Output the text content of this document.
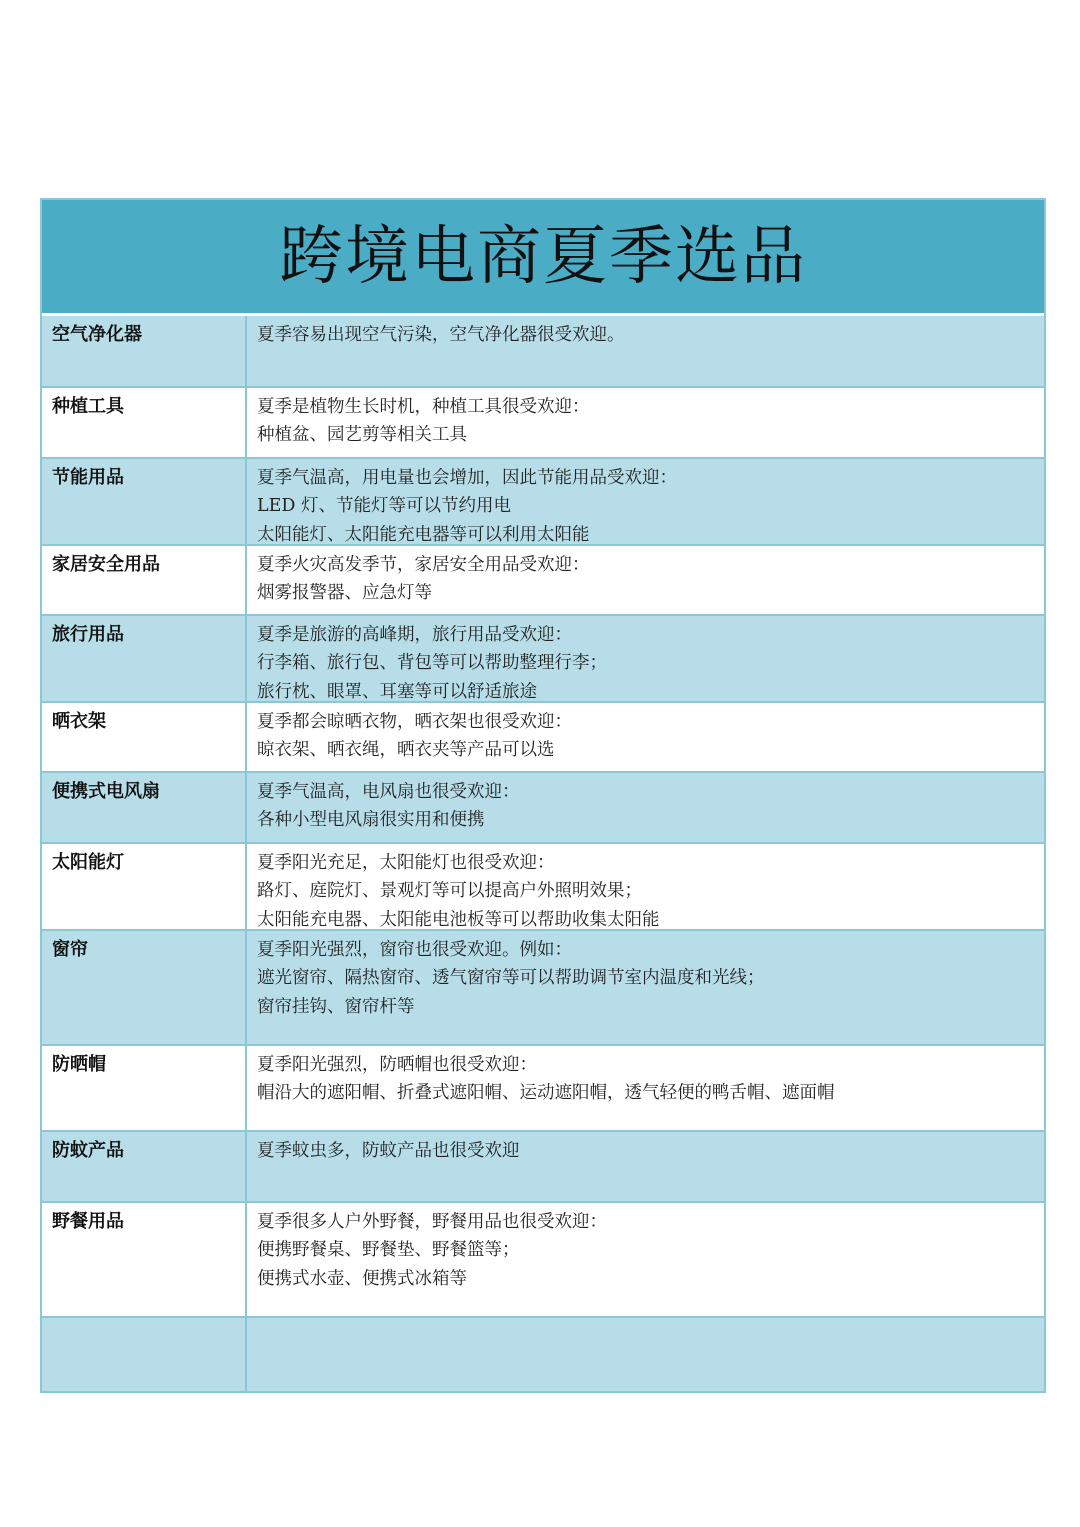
跨境电商夏季选品
空气净化器	夏季容易出现空气污染，空气净化器很受欢迎。
种植工具	夏季是植物生长时机，种植工具很受欢迎：
种植盆、园艺剪等相关工具
节能用品	夏季气温高，用电量也会增加，因此节能用品受欢迎：
LED 灯、节能灯等可以节约用电
太阳能灯、太阳能充电器等可以利用太阳能
家居安全用品	夏季火灾高发季节，家居安全用品受欢迎：
烟雾报警器、应急灯等
旅行用品	夏季是旅游的高峰期，旅行用品受欢迎：
行李箱、旅行包、背包等可以帮助整理行李；
旅行枕、眼罩、耳塞等可以舒适旅途
晒衣架	夏季都会晾晒衣物，晒衣架也很受欢迎：
晾衣架、晒衣绳，晒衣夹等产品可以选
便携式电风扇	夏季气温高，电风扇也很受欢迎：
各种小型电风扇很实用和便携
太阳能灯	夏季阳光充足，太阳能灯也很受欢迎：
路灯、庭院灯、景观灯等可以提高户外照明效果；
太阳能充电器、太阳能电池板等可以帮助收集太阳能
窗帘	夏季阳光强烈，窗帘也很受欢迎。例如：
遮光窗帘、隔热窗帘、透气窗帘等可以帮助调节室内温度和光线；
窗帘挂钩、窗帘杆等
防晒帽	夏季阳光强烈，防晒帽也很受欢迎：
帽沿大的遮阳帽、折叠式遮阳帽、运动遮阳帽，透气轻便的鸭舌帽、遮面帽
防蚊产品	夏季蚊虫多，防蚊产品也很受欢迎
野餐用品	夏季很多人户外野餐，野餐用品也很受欢迎：
便携野餐桌、野餐垫、野餐篮等；
便携式水壶、便携式冰箱等
